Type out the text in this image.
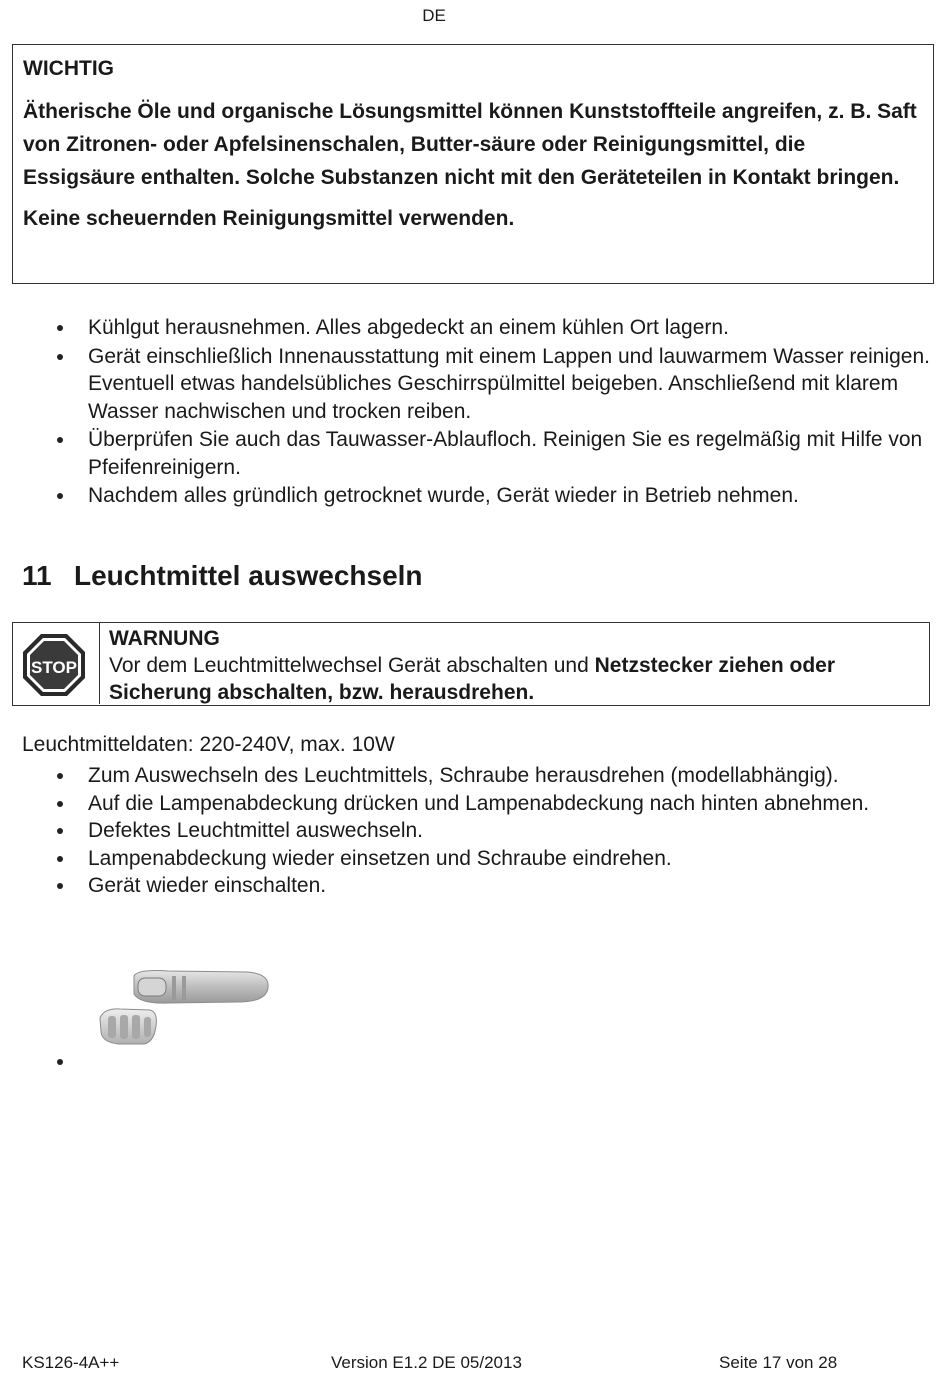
DE
WICHTIG

Ätherische Öle und organische Lösungsmittel können Kunststoffteile angreifen, z. B. Saft von Zitronen- oder Apfelsinenschalen, Butter-säure oder Reinigungsmittel, die Essigsäure enthalten. Solche Substanzen nicht mit den Geräteteilen in Kontakt bringen.

Keine scheuernden Reinigungsmittel verwenden.

Kühlgut herausnehmen. Alles abgedeckt an einem kühlen Ort lagern.
Gerät einschließlich Innenausstattung mit einem Lappen und lauwarmem Wasser reinigen. Eventuell etwas handelsübliches Geschirrspülmittel beigeben. Anschließend mit klarem Wasser nachwischen und trocken reiben.
Überprüfen Sie auch das Tauwasser-Ablaufloch. Reinigen Sie es regelmäßig mit Hilfe von Pfeifenreinigern.
Nachdem alles gründlich getrocknet wurde, Gerät wieder in Betrieb nehmen.
11 Leuchtmittel auswechseln
STOP
WARNUNG
Vor dem Leuchtmittelwechsel Gerät abschalten und Netzstecker ziehen oder Sicherung abschalten, bzw. herausdrehen.
Leuchtmitteldaten: 220-240V, max. 10W
Zum Auswechseln des Leuchtmittels, Schraube herausdrehen (modellabhängig).
Auf die Lampenabdeckung drücken und Lampenabdeckung nach hinten abnehmen.
Defektes Leuchtmittel auswechseln.
Lampenabdeckung wieder einsetzen und Schraube eindrehen.
Gerät wieder einschalten.
KS126-4A++	Version E1.2 DE 05/2013	Seite 17 von 28
